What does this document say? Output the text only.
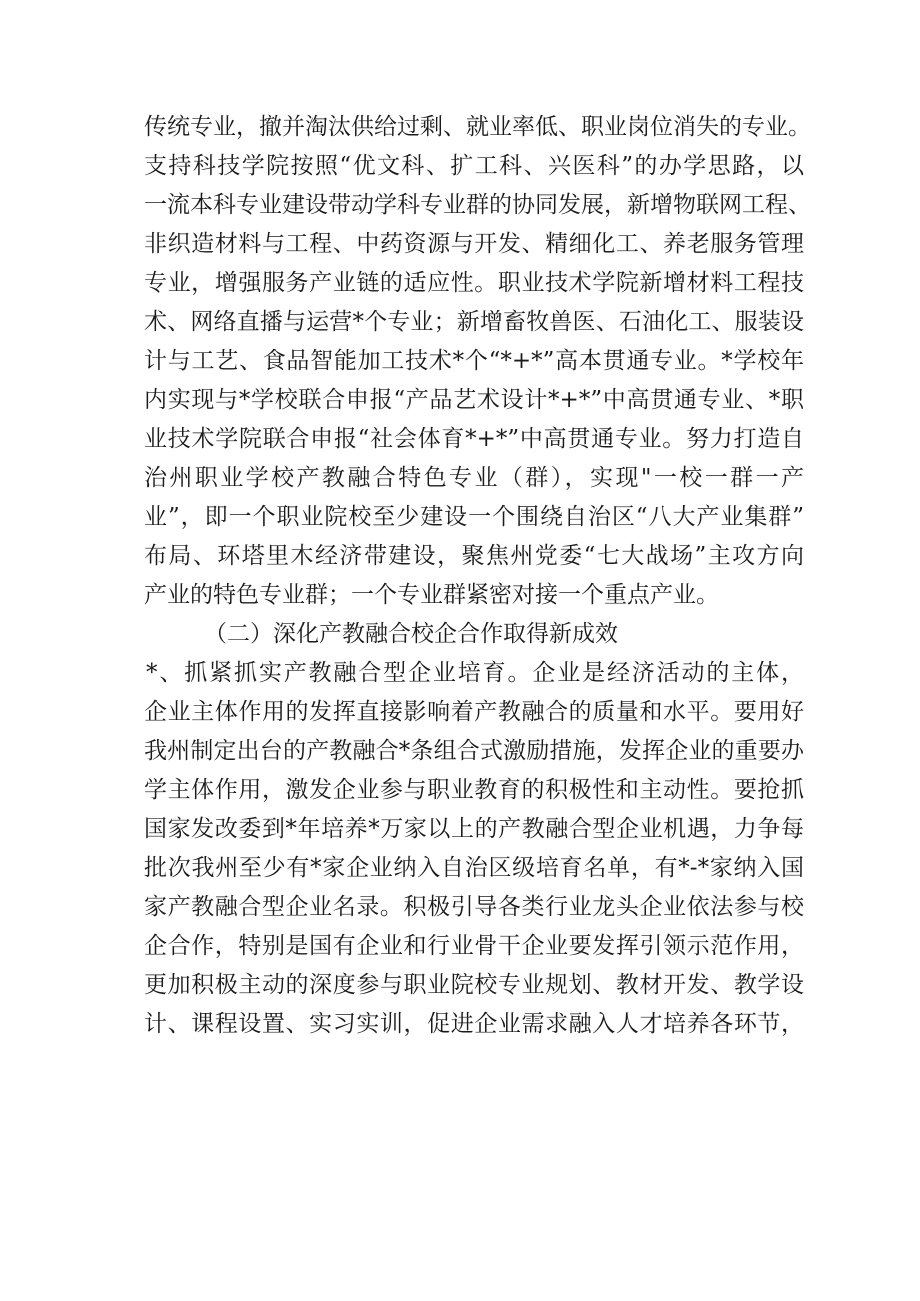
传统专业，撤并淘汰供给过剩、就业率低、职业岗位消失的专业。
支持科技学院按照“优文科、扩工科、兴医科”的办学思路，以
一流本科专业建设带动学科专业群的协同发展，新增物联网工程、
非织造材料与工程、中药资源与开发、精细化工、养老服务管理
专业，增强服务产业链的适应性。职业技术学院新增材料工程技
术、网络直播与运营*个专业；新增畜牧兽医、石油化工、服装设
计与工艺、食品智能加工技术*个“*+*”高本贯通专业。*学校年
内实现与*学校联合申报“产品艺术设计*+*”中高贯通专业、*职
业技术学院联合申报“社会体育*+*”中高贯通专业。努力打造自
治州职业学校产教融合特色专业（群），实现"一校一群一产
业”，即一个职业院校至少建设一个围绕自治区“八大产业集群”
布局、环塔里木经济带建设，聚焦州党委“七大战场”主攻方向
产业的特色专业群；一个专业群紧密对接一个重点产业。
（二）深化产教融合校企合作取得新成效
*、抓紧抓实产教融合型企业培育。企业是经济活动的主体，
企业主体作用的发挥直接影响着产教融合的质量和水平。要用好
我州制定出台的产教融合*条组合式激励措施，发挥企业的重要办
学主体作用，激发企业参与职业教育的积极性和主动性。要抢抓
国家发改委到*年培养*万家以上的产教融合型企业机遇，力争每
批次我州至少有*家企业纳入自治区级培育名单，有*-*家纳入国
家产教融合型企业名录。积极引导各类行业龙头企业依法参与校
企合作，特别是国有企业和行业骨干企业要发挥引领示范作用，
更加积极主动的深度参与职业院校专业规划、教材开发、教学设
计、课程设置、实习实训，促进企业需求融入人才培养各环节，
